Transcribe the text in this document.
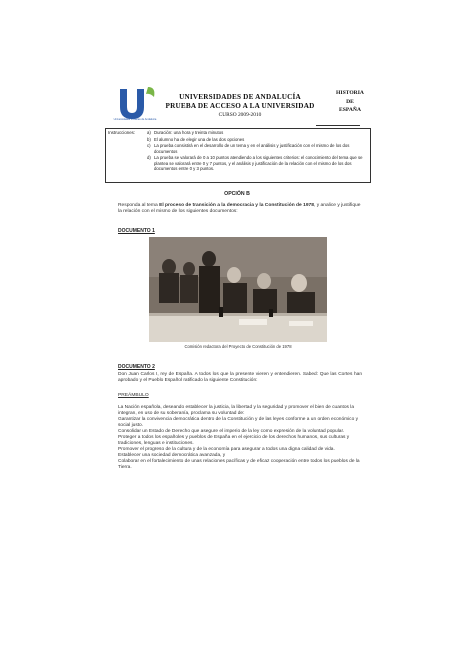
Universidades Públicas de Andalucía
UNIVERSIDADES DE ANDALUCÍA
PRUEBA DE ACCESO A LA UNIVERSIDAD
CURSO 2009-2010
HISTORIA
DE
ESPAÑA
Instrucciones:	a) Duración: una hora y treinta minutos
b) El alumno ha de elegir una de las dos opciones
c) La prueba consistirá en el desarrollo de un tema y en el análisis y justificación con el mismo de los dos documentos
d) La prueba se valorará de 0 a 10 puntos atendiendo a los siguientes criterios: el conocimiento del tema que se plantea se valorará entre 0 y 7 puntos, y el análisis y justificación de la relación con el mismo de los dos documentos entre 0 y 3 puntos.
OPCIÓN B
Responda al tema El proceso de transición a la democracia y la Constitución de 1978, y analice y justifique la relación con el mismo de los siguientes documentos:
DOCUMENTO 1
Comisión redactora del Proyecto de Constitución de 1978
DOCUMENTO 2
Don Juan Carlos I, rey de España. A todos los que la presente vieren y entendieren. Sabed: Que las Cortes han aprobado y el Pueblo Español ratificado la siguiente Constitución:
PREÁMBULO

La Nación española, deseando establecer la justicia, la libertad y la seguridad y promover el bien de cuantos la integran, en uso de su soberanía, proclama su voluntad de:

Garantizar la convivencia democrática dentro de la Constitución y de las leyes conforme a un orden económico y social justo.

Consolidar un Estado de Derecho que asegure el imperio de la ley como expresión de la voluntad popular.

Proteger a todos los españoles y pueblos de España en el ejercicio de los derechos humanos, sus culturas y tradiciones, lenguas e instituciones.

Promover el progreso de la cultura y de la economía para asegurar a todos una digna calidad de vida.

Establecer una sociedad democrática avanzada, y

Colaborar en el fortalecimiento de unas relaciones pacíficas y de eficaz cooperación entre todos los pueblos de la Tierra.
